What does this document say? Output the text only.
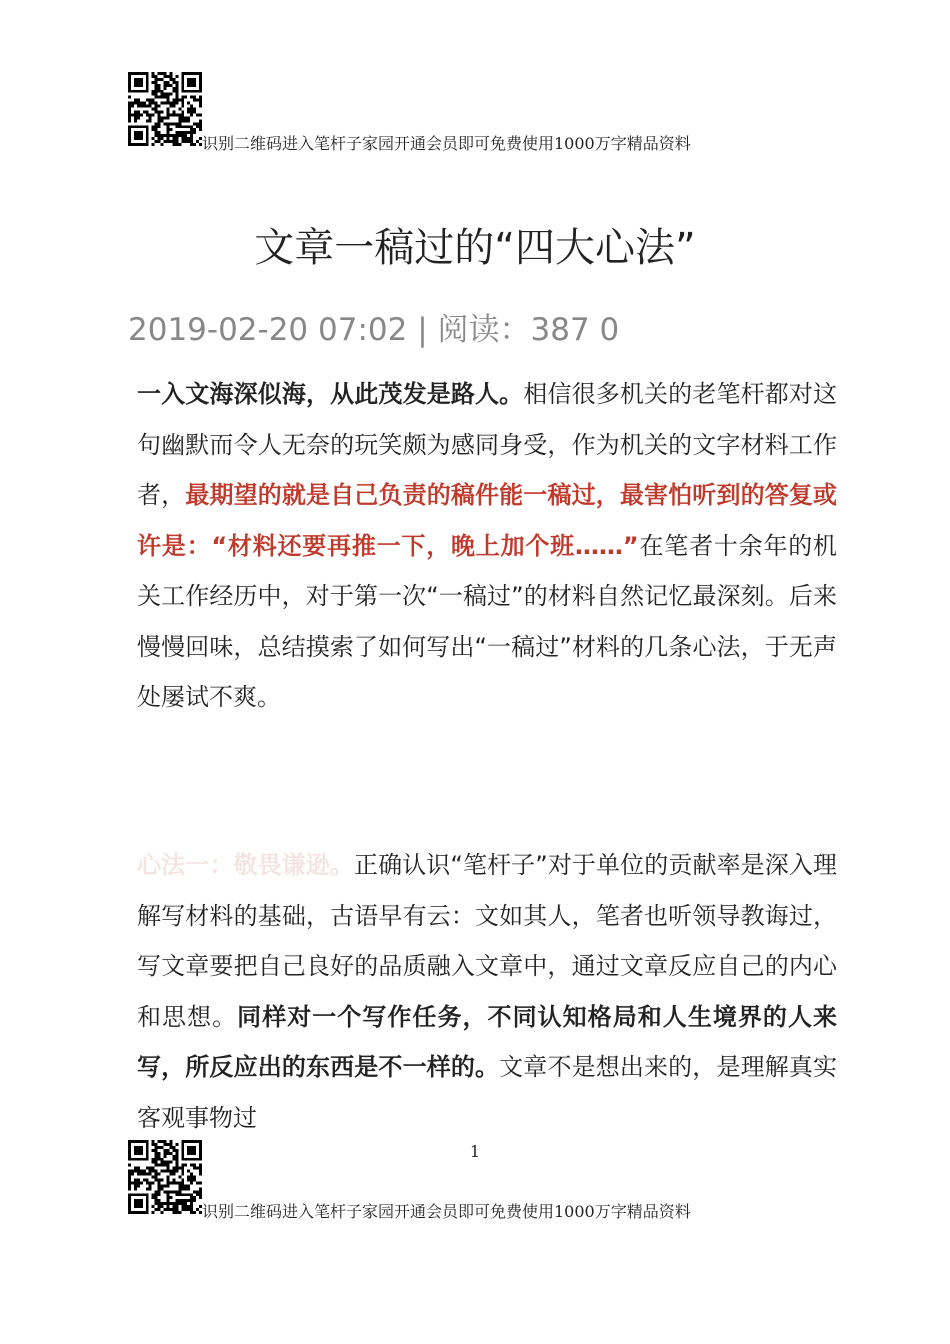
识别二维码进入笔杆子家园开通会员即可免费使用1000万字精品资料
文章一稿过的“四大心法”
2019-02-20 07:02 | 阅读：387 0

一入文海深似海，从此茂发是路人。相信很多机关的老笔杆都对这句幽默而令人无奈的玩笑颇为感同身受，作为机关的文字材料工作者，最期望的就是自己负责的稿件能一稿过，最害怕听到的答复或许是：“材料还要再推一下，晚上加个班……”在笔者十余年的机关工作经历中，对于第一次“一稿过”的材料自然记忆最深刻。后来慢慢回味，总结摸索了如何写出“一稿过”材料的几条心法，于无声处屡试不爽。

心法一：敬畏谦逊。正确认识“笔杆子”对于单位的贡献率是深入理解写材料的基础，古语早有云：文如其人，笔者也听领导教诲过，写文章要把自己良好的品质融入文章中，通过文章反应自己的内心和思想。同样对一个写作任务，不同认知格局和人生境界的人来写，所反应出的东西是不一样的。文章不是想出来的，是理解真实客观事物过

1
识别二维码进入笔杆子家园开通会员即可免费使用1000万字精品资料
